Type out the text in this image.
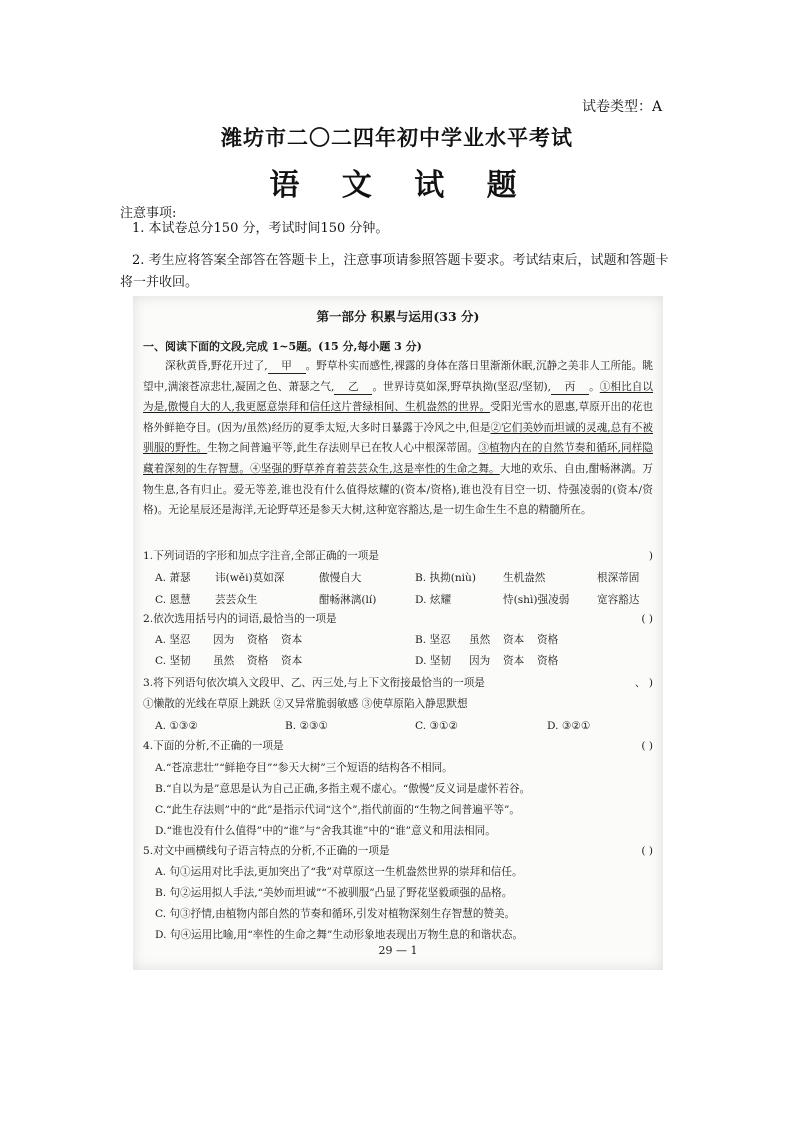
试卷类型：A
潍坊市二〇二四年初中学业水平考试
语 文 试 题
注意事项:
1. 本试卷总分150 分，考试时间150 分钟。
2. 考生应将答案全部答在答题卡上，注意事项请参照答题卡要求。考试结束后，试题和答题卡将一并收回。
第一部分 积累与运用(33 分)
一、阅读下面的文段,完成 1~5题。(15 分,每小题 3 分)
深秋黄昏,野花开过了, 甲 。野草朴实而感性,裸露的身体在落日里渐渐休眠,沉静之美非人工所能。眺望中,满滚苍凉悲壮,凝固之色、萧瑟之气, 乙 。世界诗莫如深,野草执拗(坚忍/坚韧), 丙 。①相比自以为是,傲慢自大的人,我更愿意崇拜和信任这片普绿相间、生机盎然的世界。受阳光雪水的恩惠,草原开出的花也格外鲜艳夺目。(因为/虽然)经历的夏季太短,大多时日暴露于冷风之中,但是②它们美妙而坦诚的灵魂,总有不被驯服的野性。生物之间普遍平等,此生存法则早已在牧人心中根深蒂固。③植物内在的自然节奏和循环,同样隐藏着深刻的生存智慧。④坚强的野草养育着芸芸众生,这是率性的生命之舞。大地的欢乐、自由,酣畅淋漓。万物生息,各有归止。爱无等差,谁也没有什么值得炫耀的(资本/资格),谁也没有目空一切、恃强凌弱的(资本/资格)。无论星辰还是海洋,无论野草还是参天大树,这种宽容豁达,是一切生命生生不息的精髓所在。
1.下列词语的字形和加点字注音,全部正确的一项是	)
A. 萧瑟 讳(wěi)莫如深	傲慢自大	B. 执拗(niù)	生机盎然	根深蒂固
C. 恩慧 芸芸众生	酣畅淋漓(lí)	D. 炫耀	恃(shì)强凌弱	宽容豁达
2.依次选用括号内的词语,最恰当的一项是	( )
A. 坚忍 因为 资格 资本	B. 坚忍 虽然 资本 资格
C. 坚韧 虽然 资格 资本	D. 坚韧 因为 资本 资格
3.将下列语句依次填入文段甲、乙、丙三处,与上下文衔接最恰当的一项是	、 )
①懒散的光线在草原上跳跃 ②又异常脆弱敏感 ③使草原陷入静思默想
A. ①③②	B. ②③①	C. ③①②	D. ③②①
4.下面的分析,不正确的一项是	( )
A.“苍凉悲壮”“鲜艳夺目”“参天大树”三个短语的结构各不相同。
B.“自以为是”意思是认为自己正确,多指主观不虚心。“傲慢”反义词是虚怀若谷。
C.“此生存法则”中的“此”是指示代词“这个”,指代前面的“生物之间普遍平等”。
D.“谁也没有什么值得”中的“谁”与“舍我其谁”中的“谁”意义和用法相同。
5.对文中画横线句子语言特点的分析,不正确的一项是	( )
A. 句①运用对比手法,更加突出了“我”对草原这一生机盎然世界的崇拜和信任。
B. 句②运用拟人手法,“美妙而坦诚”“不被驯服”凸显了野花坚毅顽强的品格。
C. 句③抒情,由植物内部自然的节奏和循环,引发对植物深刻生存智慧的赞美。
D. 句④运用比喻,用“率性的生命之舞”生动形象地表现出万物生息的和谐状态。
29 — 1
